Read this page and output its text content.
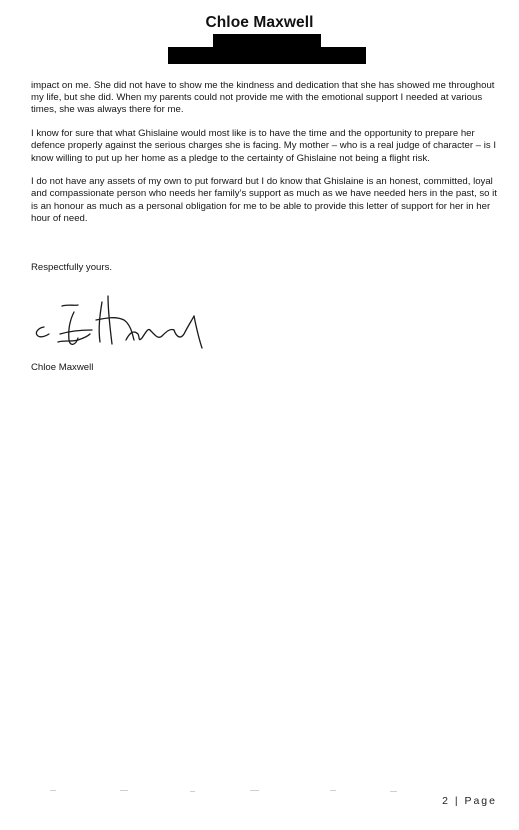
Chloe Maxwell

impact on me. She did not have to show me the kindness and dedication that she has showed me throughout my life, but she did. When my parents could not provide me with the emotional support I needed at various times, she was always there for me.

I know for sure that what Ghislaine would most like is to have the time and the opportunity to prepare her defence properly against the serious charges she is facing. My mother – who is a real judge of character – is I know willing to put up her home as a pledge to the certainty of Ghislaine not being a flight risk.

I do not have any assets of my own to put forward but I do know that Ghislaine is an honest, committed, loyal and compassionate person who needs her family’s support as much as we have needed hers in the past, so it is an honour as much as a personal obligation for me to be able to provide this letter of support for her in her hour of need.

Respectfully yours.
Chloe Maxwell
2 | Page
